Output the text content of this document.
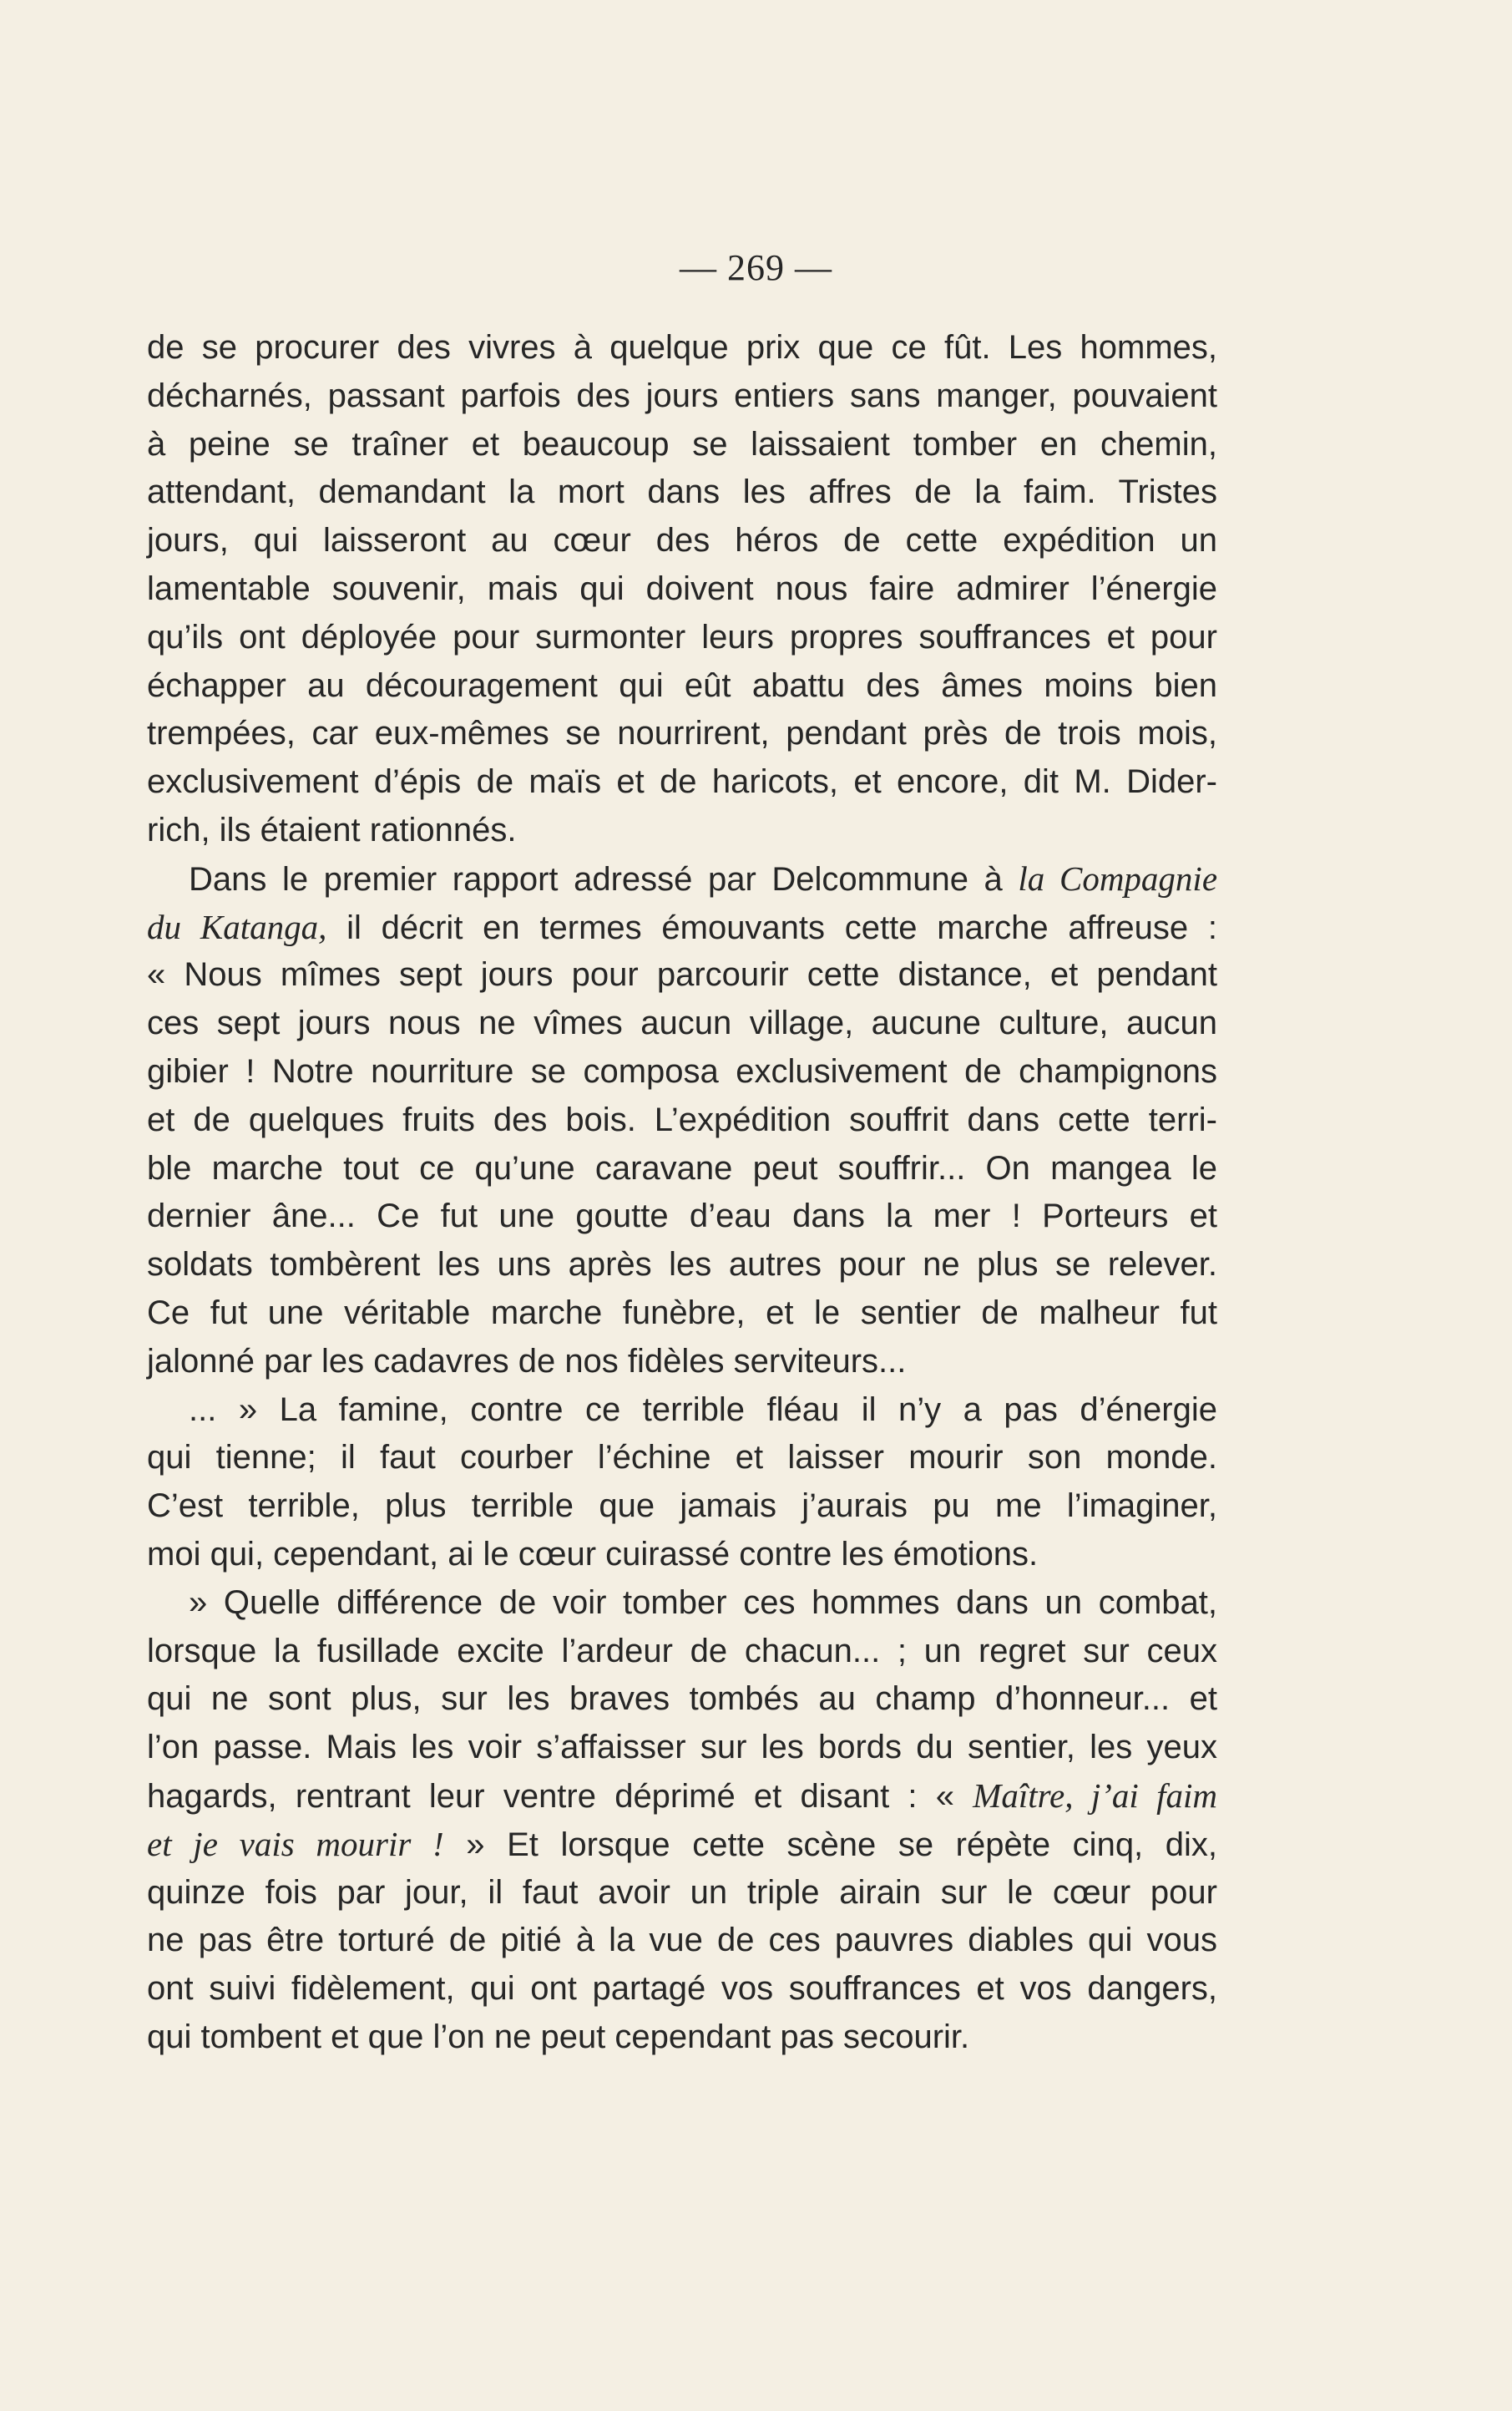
— 269 —
de se procurer des vivres à quelque prix que ce fût. Les hommes,
décharnés, passant parfois des jours entiers sans manger, pouvaient
à peine se traîner et beaucoup se laissaient tomber en chemin,
attendant, demandant la mort dans les affres de la faim. Tristes
jours, qui laisseront au cœur des héros de cette expédition un
lamentable souvenir, mais qui doivent nous faire admirer l’énergie
qu’ils ont déployée pour surmonter leurs propres souffrances et pour
échapper au découragement qui eût abattu des âmes moins bien
trempées, car eux-mêmes se nourrirent, pendant près de trois mois,
exclusivement d’épis de maïs et de haricots, et encore, dit M. Dider-
rich, ils étaient rationnés.
Dans le premier rapport adressé par Delcommune à la Compagnie
du Katanga, il décrit en termes émouvants cette marche affreuse :
« Nous mîmes sept jours pour parcourir cette distance, et pendant
ces sept jours nous ne vîmes aucun village, aucune culture, aucun
gibier ! Notre nourriture se composa exclusivement de champignons
et de quelques fruits des bois. L’expédition souffrit dans cette terri-
ble marche tout ce qu’une caravane peut souffrir... On mangea le
dernier âne... Ce fut une goutte d’eau dans la mer ! Porteurs et
soldats tombèrent les uns après les autres pour ne plus se relever.
Ce fut une véritable marche funèbre, et le sentier de malheur fut
jalonné par les cadavres de nos fidèles serviteurs...
... » La famine, contre ce terrible fléau il n’y a pas d’énergie
qui tienne; il faut courber l’échine et laisser mourir son monde.
C’est terrible, plus terrible que jamais j’aurais pu me l’imaginer,
moi qui, cependant, ai le cœur cuirassé contre les émotions.
» Quelle différence de voir tomber ces hommes dans un combat,
lorsque la fusillade excite l’ardeur de chacun... ; un regret sur ceux
qui ne sont plus, sur les braves tombés au champ d’honneur... et
l’on passe. Mais les voir s’affaisser sur les bords du sentier, les yeux
hagards, rentrant leur ventre déprimé et disant : « Maître, j’ai faim
et je vais mourir ! » Et lorsque cette scène se répète cinq, dix,
quinze fois par jour, il faut avoir un triple airain sur le cœur pour
ne pas être torturé de pitié à la vue de ces pauvres diables qui vous
ont suivi fidèlement, qui ont partagé vos souffrances et vos dangers,
qui tombent et que l’on ne peut cependant pas secourir.
